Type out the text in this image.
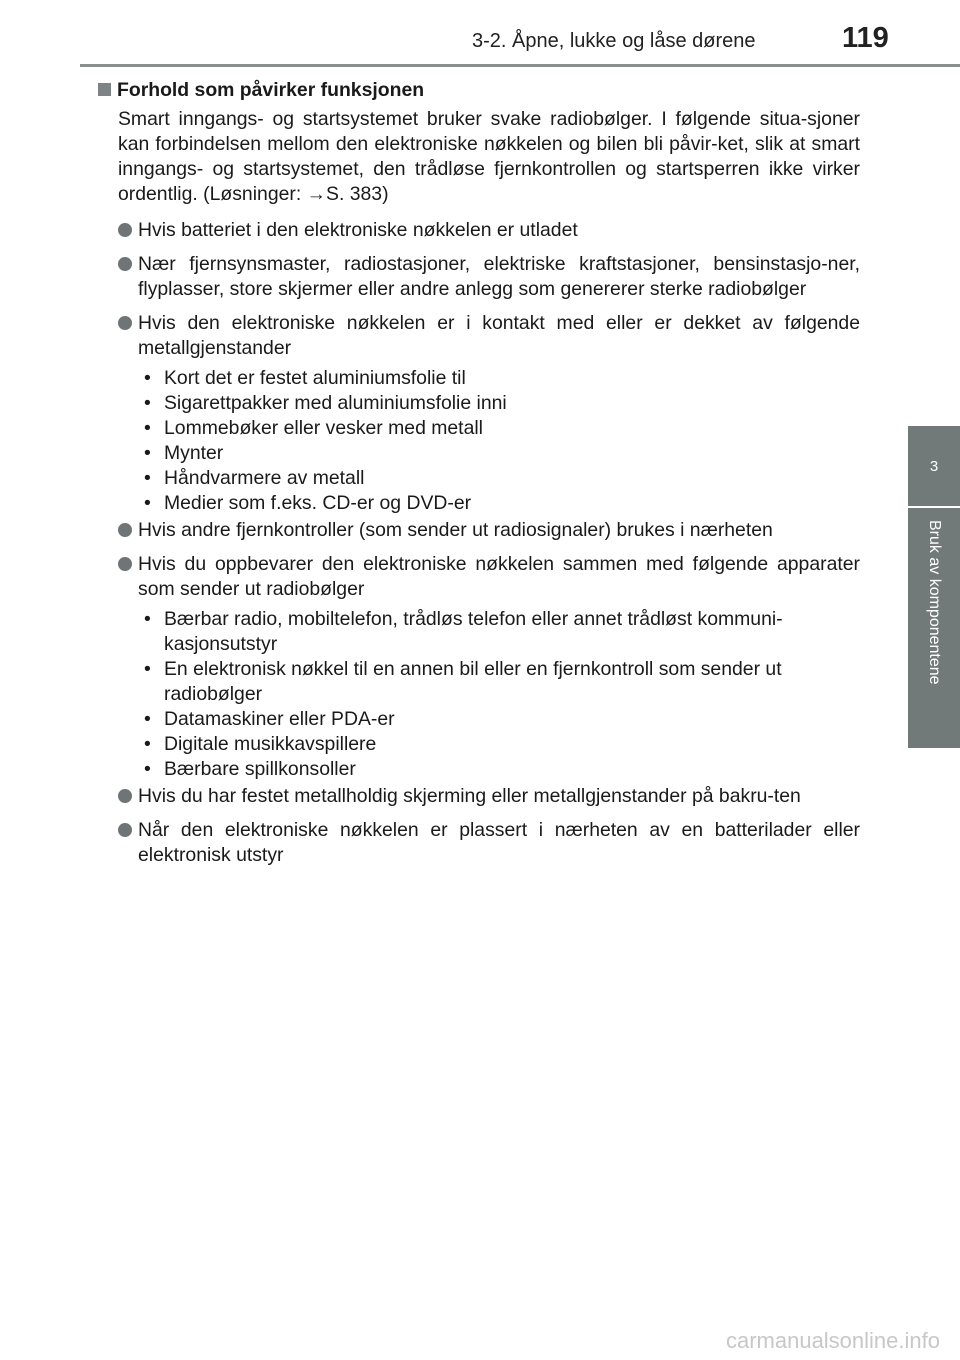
3-2. Åpne, lukke og låse dørene	119
3
Bruk av komponentene
Forhold som påvirker funksjonen
Smart inngangs- og startsystemet bruker svake radiobølger. I følgende situa-sjoner kan forbindelsen mellom den elektroniske nøkkelen og bilen bli påvir-ket, slik at smart inngangs- og startsystemet, den trådløse fjernkontrollen og startsperren ikke virker ordentlig. (Løsninger: →S. 383)
Hvis batteriet i den elektroniske nøkkelen er utladet
Nær fjernsynsmaster, radiostasjoner, elektriske kraftstasjoner, bensinstasjo-ner, flyplasser, store skjermer eller andre anlegg som genererer sterke radiobølger
Hvis den elektroniske nøkkelen er i kontakt med eller er dekket av følgende metallgjenstander
• Kort det er festet aluminiumsfolie til
• Sigarettpakker med aluminiumsfolie inni
• Lommebøker eller vesker med metall
• Mynter
• Håndvarmere av metall
• Medier som f.eks. CD-er og DVD-er
Hvis andre fjernkontroller (som sender ut radiosignaler) brukes i nærheten
Hvis du oppbevarer den elektroniske nøkkelen sammen med følgende apparater som sender ut radiobølger
• Bærbar radio, mobiltelefon, trådløs telefon eller annet trådløst kommuni-kasjonsutstyr
• En elektronisk nøkkel til en annen bil eller en fjernkontroll som sender ut radiobølger
• Datamaskiner eller PDA-er
• Digitale musikkavspillere
• Bærbare spillkonsoller
Hvis du har festet metallholdig skjerming eller metallgjenstander på bakru-ten
Når den elektroniske nøkkelen er plassert i nærheten av en batterilader eller elektronisk utstyr
carmanualsonline.info
